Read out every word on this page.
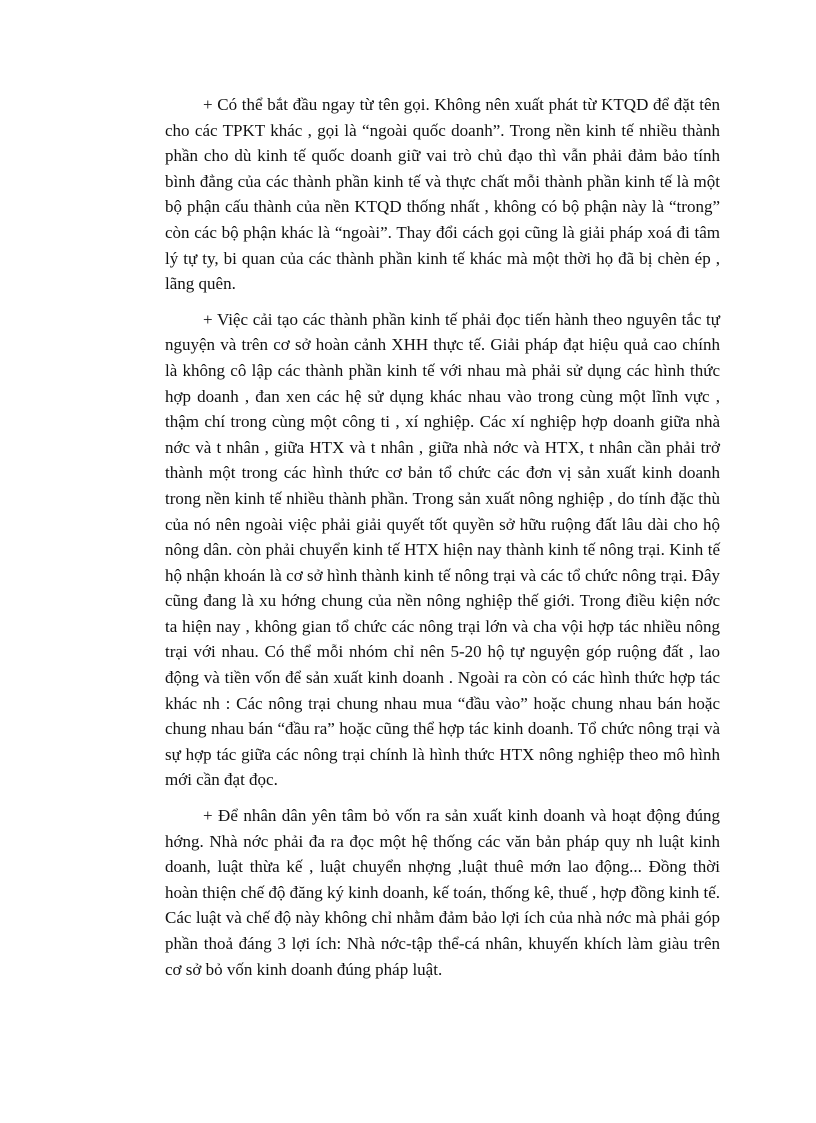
+ Có thể bắt đầu ngay từ tên gọi. Không nên xuất phát từ KTQD để đặt tên cho các TPKT khác , gọi là “ngoài quốc doanh”. Trong nền kinh tế nhiều thành phần cho dù kinh tế quốc doanh giữ vai trò chủ đạo thì vẫn phải đảm bảo tính bình đẳng của các thành phần kinh tế và thực chất mỗi thành phần kinh tế là một bộ phận cấu thành của nền KTQD thống nhất , không có bộ phận này là “trong” còn các bộ phận khác là “ngoài”. Thay đổi cách gọi cũng là giải pháp xoá đi tâm lý tự ty, bi quan của các thành phần kinh tế khác mà một thời họ đã bị chèn ép , lãng quên.

+ Việc cải tạo các thành phần kinh tế phải đọc tiến hành theo nguyên tắc tự nguyện và trên cơ sở hoàn cảnh XHH thực tế. Giải pháp đạt hiệu quả cao chính là không cô lập các thành phần kinh tế với nhau mà phải sử dụng các hình thức hợp doanh , đan xen các hệ sử dụng khác nhau vào trong cùng một lĩnh vực , thậm chí trong cùng một công ti , xí nghiệp. Các xí nghiệp hợp doanh giữa nhà nớc và t nhân , giữa HTX và t nhân , giữa nhà nớc và HTX, t nhân cần phải trở thành một trong các hình thức cơ bản tổ chức các đơn vị sản xuất kinh doanh trong nền kinh tế nhiều thành phần. Trong sản xuất nông nghiệp , do tính đặc thù của nó nên ngoài việc phải giải quyết tốt quyền sở hữu ruộng đất lâu dài cho hộ nông dân. còn phải chuyển kinh tế HTX hiện nay thành kinh tế nông trại. Kinh tế hộ nhận khoán là cơ sở hình thành kinh tế nông trại và các tổ chức nông trại. Đây cũng đang là xu hớng chung của nền nông nghiệp thế giới. Trong điều kiện nớc ta hiện nay , không gian tổ chức các nông trại lớn và cha vội hợp tác nhiều nông trại với nhau. Có thể mỗi nhóm chỉ nên 5-20 hộ tự nguyện góp ruộng đất , lao động và tiền vốn để sản xuất kinh doanh . Ngoài ra còn có các hình thức hợp tác khác nh : Các nông trại chung nhau mua “đầu vào” hoặc chung nhau bán hoặc chung nhau bán “đầu ra” hoặc cũng thể hợp tác kinh doanh. Tổ chức nông trại và sự hợp tác giữa các nông trại chính là hình thức HTX nông nghiệp theo mô hình mới cần đạt đọc.

+ Để nhân dân yên tâm bỏ vốn ra sản xuất kinh doanh và hoạt động đúng hớng. Nhà nớc phải đa ra đọc một hệ thống các văn bản pháp quy nh luật kinh doanh, luật thừa kế , luật chuyển nhợng ,luật thuê mớn lao động... Đồng thời hoàn thiện chế độ đăng ký kinh doanh, kế toán, thống kê, thuế , hợp đồng kinh tế. Các luật và chế độ này không chỉ nhằm đảm bảo lợi ích của nhà nớc mà phải góp phần thoả đáng 3 lợi ích: Nhà nớc-tập thể-cá nhân, khuyến khích làm giàu trên cơ sở bỏ vốn kinh doanh đúng pháp luật.
